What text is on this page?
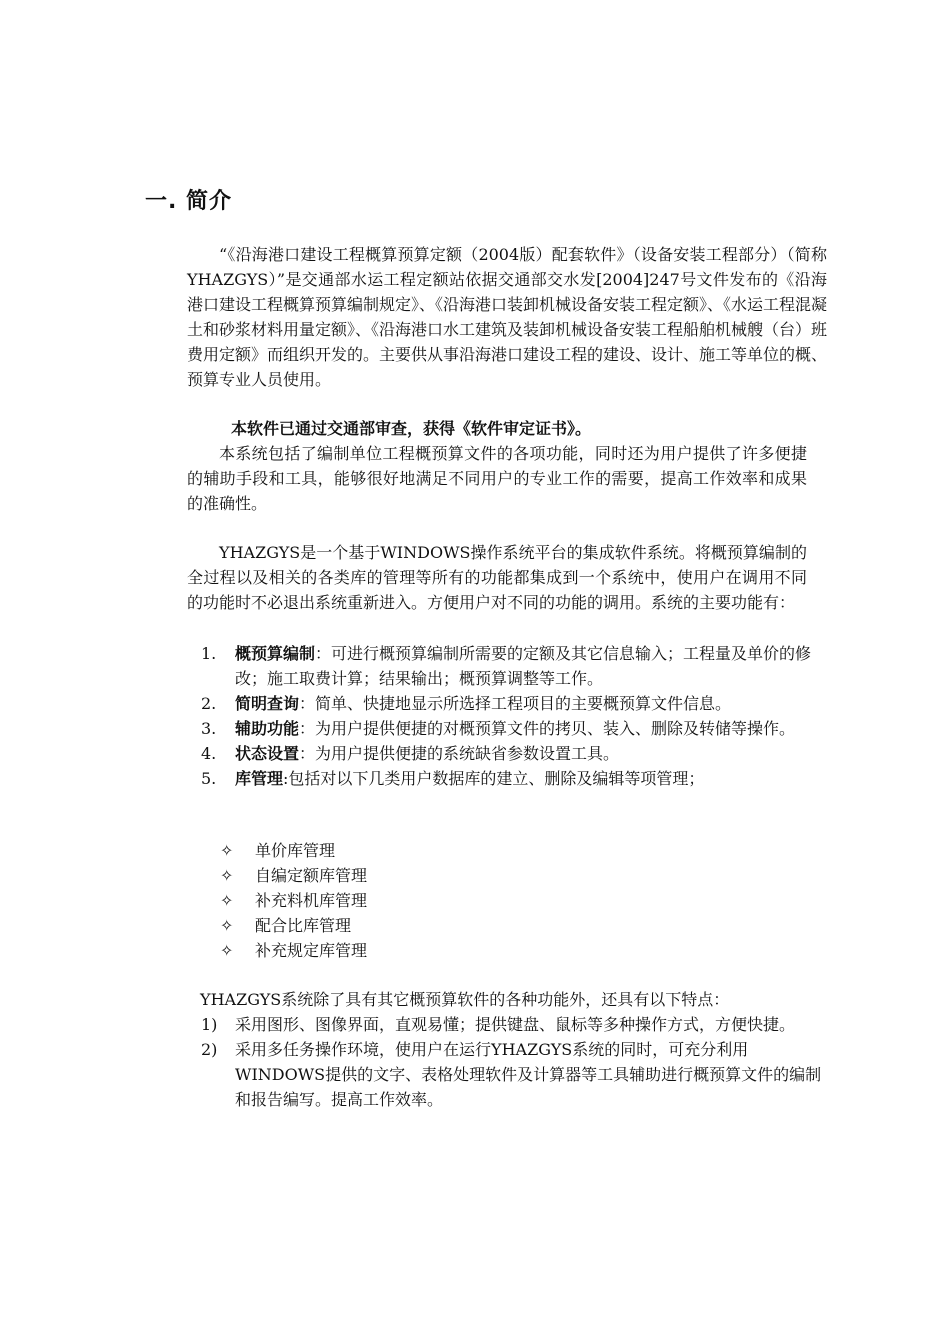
一. 简介

“《沿海港口建设工程概算预算定额（2004版）配套软件》（设备安装工程部分）（简称YHAZGYS）”是交通部水运工程定额站依据交通部交水发[2004]247号文件发布的《沿海港口建设工程概算预算编制规定》、《沿海港口装卸机械设备安装工程定额》、《水运工程混凝土和砂浆材料用量定额》、《沿海港口水工建筑及装卸机械设备安装工程船舶机械艘（台）班费用定额》而组织开发的。主要供从事沿海港口建设工程的建设、设计、施工等单位的概、预算专业人员使用。

本软件已通过交通部审查，获得《软件审定证书》。

本系统包括了编制单位工程概预算文件的各项功能，同时还为用户提供了许多便捷的辅助手段和工具，能够很好地满足不同用户的专业工作的需要，提高工作效率和成果的准确性。

YHAZGYS是一个基于WINDOWS操作系统平台的集成软件系统。将概预算编制的全过程以及相关的各类库的管理等所有的功能都集成到一个系统中，使用户在调用不同的功能时不必退出系统重新进入。方便用户对不同的功能的调用。系统的主要功能有：

1. 概预算编制：可进行概预算编制所需要的定额及其它信息输入；工程量及单价的修改；施工取费计算；结果输出；概预算调整等工作。
2. 简明查询：简单、快捷地显示所选择工程项目的主要概预算文件信息。
3. 辅助功能：为用户提供便捷的对概预算文件的拷贝、装入、删除及转储等操作。
4. 状态设置：为用户提供便捷的系统缺省参数设置工具。
5. 库管理:包括对以下几类用户数据库的建立、删除及编辑等项管理；
✧ 单价库管理
✧ 自编定额库管理
✧ 补充料机库管理
✧ 配合比库管理
✧ 补充规定库管理

YHAZGYS系统除了具有其它概预算软件的各种功能外，还具有以下特点：

1) 采用图形、图像界面，直观易懂；提供键盘、鼠标等多种操作方式，方便快捷。
2) 采用多任务操作环境，使用户在运行YHAZGYS系统的同时，可充分利用WINDOWS提供的文字、表格处理软件及计算器等工具辅助进行概预算文件的编制和报告编写。提高工作效率。
